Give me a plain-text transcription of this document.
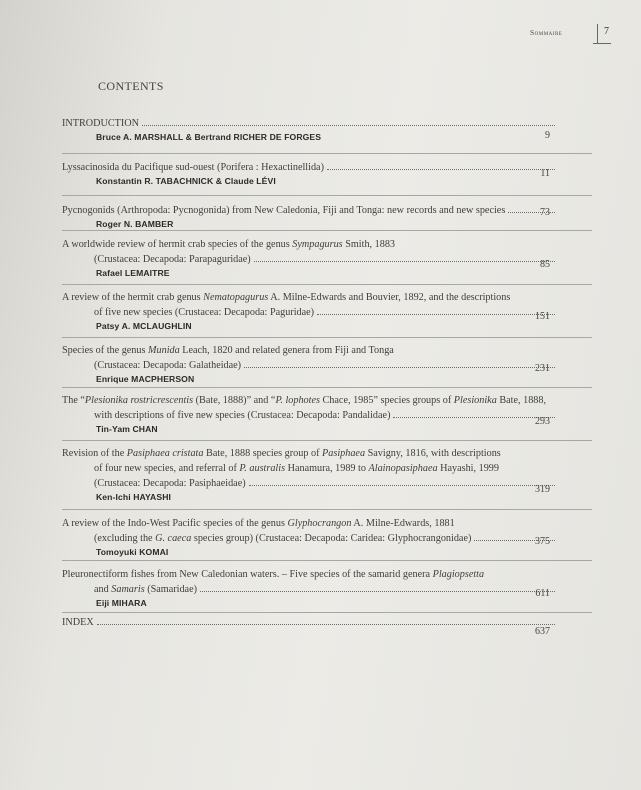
Sommaire	7
CONTENTS
INTRODUCTION
Bruce A. MARSHALL & Bertrand RICHER DE FORGES	9
Lyssacinosida du Pacifique sud-ouest (Porifera : Hexactinellida)
Konstantin R. TABACHNICK & Claude LÉVI
11
Pycnogonids (Arthropoda: Pycnogonida) from New Caledonia, Fiji and Tonga: new records and new species
Roger N. BAMBER
73
A worldwide review of hermit crab species of the genus Sympagurus Smith, 1883
(Crustacea: Decapoda: Parapaguridae)
Rafael LEMAITRE
85
A review of the hermit crab genus Nematopagurus A. Milne-Edwards and Bouvier, 1892, and the descriptions
of five new species (Crustacea: Decapoda: Paguridae)
Patsy A. MCLAUGHLIN
151
Species of the genus Munida Leach, 1820 and related genera from Fiji and Tonga
(Crustacea: Decapoda: Galatheidae)
Enrique MACPHERSON
231
The “Plesionika rostricrescentis (Bate, 1888)” and “P. lophotes Chace, 1985” species groups of Plesionika Bate, 1888,
with descriptions of five new species (Crustacea: Decapoda: Pandalidae)
Tin-Yam CHAN
293
Revision of the Pasiphaea cristata Bate, 1888 species group of Pasiphaea Savigny, 1816, with descriptions
of four new species, and referral of P. australis Hanamura, 1989 to Alainopasiphaea Hayashi, 1999
(Crustacea: Decapoda: Pasiphaeidae)
Ken-Ichi HAYASHI
319
A review of the Indo-West Pacific species of the genus Glyphocrangon A. Milne-Edwards, 1881
(excluding the G. caeca species group) (Crustacea: Decapoda: Caridea: Glyphocrangonidae)
Tomoyuki KOMAI
375
Pleuronectiform fishes from New Caledonian waters. – Five species of the samarid genera Plagiopsetta
and Samaris (Samaridae)
Eiji MIHARA
611
INDEX
637
